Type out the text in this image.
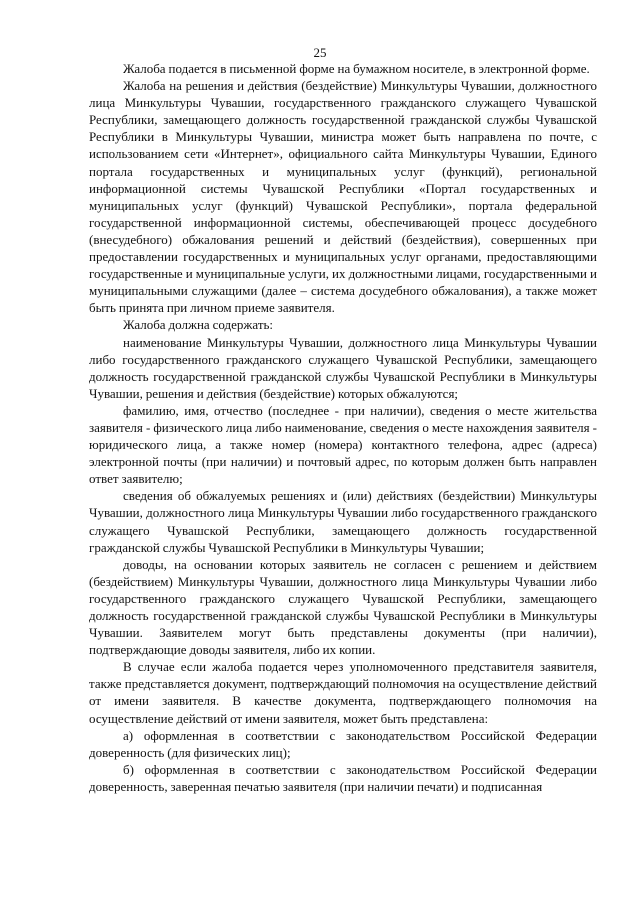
25

Жалоба подается в письменной форме на бумажном носителе, в электронной форме.

Жалоба на решения и действия (бездействие) Минкультуры Чувашии, должностного лица Минкультуры Чувашии, государственного гражданского служащего Чувашской Республики, замещающего должность государственной гражданской службы Чувашской Республики в Минкультуры Чувашии, министра может быть направлена по почте, с использованием сети «Интернет», официального сайта Минкультуры Чувашии, Единого портала государственных и муниципальных услуг (функций), региональной информационной системы Чувашской Республики «Портал государственных и муниципальных услуг (функций) Чувашской Республики», портала федеральной государственной информационной системы, обеспечивающей процесс досудебного (внесудебного) обжалования решений и действий (бездействия), совершенных при предоставлении государственных и муниципальных услуг органами, предоставляющими государственные и муниципальные услуги, их должностными лицами, государственными и муниципальными служащими (далее – система досудебного обжалования), а также может быть принята при личном приеме заявителя.

Жалоба должна содержать:

наименование Минкультуры Чувашии, должностного лица Минкультуры Чувашии либо государственного гражданского служащего Чувашской Республики, замещающего должность государственной гражданской службы Чувашской Республики в Минкультуры Чувашии, решения и действия (бездействие) которых обжалуются;

фамилию, имя, отчество (последнее - при наличии), сведения о месте жительства заявителя - физического лица либо наименование, сведения о месте нахождения заявителя - юридического лица, а также номер (номера) контактного телефона, адрес (адреса) электронной почты (при наличии) и почтовый адрес, по которым должен быть направлен ответ заявителю;

сведения об обжалуемых решениях и (или) действиях (бездействии) Минкультуры Чувашии, должностного лица Минкультуры Чувашии либо государственного гражданского служащего Чувашской Республики, замещающего должность государственной гражданской службы Чувашской Республики в Минкультуры Чувашии;

доводы, на основании которых заявитель не согласен с решением и действием (бездействием) Минкультуры Чувашии, должностного лица Минкультуры Чувашии либо государственного гражданского служащего Чувашской Республики, замещающего должность государственной гражданской службы Чувашской Республики в Минкультуры Чувашии. Заявителем могут быть представлены документы (при наличии), подтверждающие доводы заявителя, либо их копии.

В случае если жалоба подается через уполномоченного представителя заявителя, также представляется документ, подтверждающий полномочия на осуществление действий от имени заявителя. В качестве документа, подтверждающего полномочия на осуществление действий от имени заявителя, может быть представлена:

а) оформленная в соответствии с законодательством Российской Федерации доверенность (для физических лиц);

б) оформленная в соответствии с законодательством Российской Федерации доверенность, заверенная печатью заявителя (при наличии печати) и подписанная
